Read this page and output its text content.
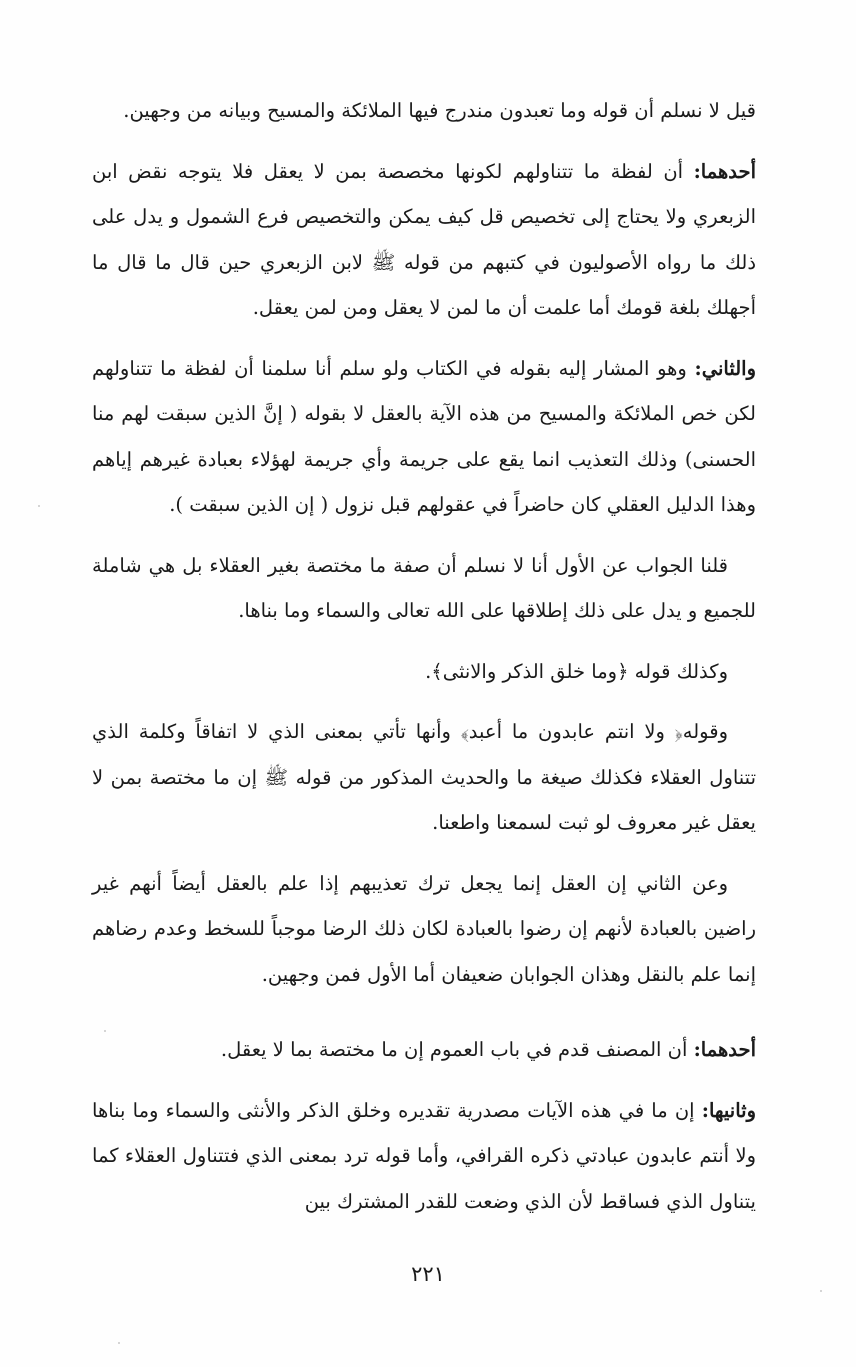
قيل لا نسلم أن قوله وما تعبدون مندرج فيها الملائكة والمسيح وبيانه من وجهين.

أحدهما: أن لفظة ما تتناولهم لكونها مخصصة بمن لا يعقل فلا يتوجه نقض ابن الزبعري ولا يحتاج إلى تخصيص قل كيف يمكن والتخصيص فرع الشمول و يدل على ذلك ما رواه الأصوليون في كتبهم من قوله ﷺ لابن الزبعري حين قال ما قال ما أجهلك بلغة قومك أما علمت أن ما لمن لا يعقل ومن لمن يعقل.

والثاني: وهو المشار إليه بقوله في الكتاب ولو سلم أنا سلمنا أن لفظة ما تتناولهم لكن خص الملائكة والمسيح من هذه الآية بالعقل لا بقوله ( إنَّ الذين سبقت لهم منا الحسنى) وذلك التعذيب انما يقع على جريمة وأي جريمة لهؤلاء بعبادة غيرهم إياهم وهذا الدليل العقلي كان حاضراً في عقولهم قبل نزول ( إن الذين سبقت ).

قلنا الجواب عن الأول أنا لا نسلم أن صفة ما مختصة بغير العقلاء بل هي شاملة للجميع و يدل على ذلك إطلاقها على الله تعالى والسماء وما بناها.

وكذلك قوله ﴿وما خلق الذكر والانثى﴾.

وقوله﴿ ولا انتم عابدون ما أعبد﴾ وأنها تأتي بمعنى الذي لا اتفاقاً وكلمة الذي تتناول العقلاء فكذلك صيغة ما والحديث المذكور من قوله ﷺ إن ما مختصة بمن لا يعقل غير معروف لو ثبت لسمعنا واطعنا.

وعن الثاني إن العقل إنما يجعل ترك تعذيبهم إذا علم بالعقل أيضاً أنهم غير راضين بالعبادة لأنهم إن رضوا بالعبادة لكان ذلك الرضا موجباً للسخط وعدم رضاهم إنما علم بالنقل وهذان الجوابان ضعيفان أما الأول فمن وجهين.

أحدهما: أن المصنف قدم في باب العموم إن ما مختصة بما لا يعقل.

وثانيها: إن ما في هذه الآيات مصدرية تقديره وخلق الذكر والأنثى والسماء وما بناها ولا أنتم عابدون عبادتي ذكره القرافي، وأما قوله ترد بمعنى الذي فتتناول العقلاء كما يتناول الذي فساقط لأن الذي وضعت للقدر المشترك بين

٢٢١
